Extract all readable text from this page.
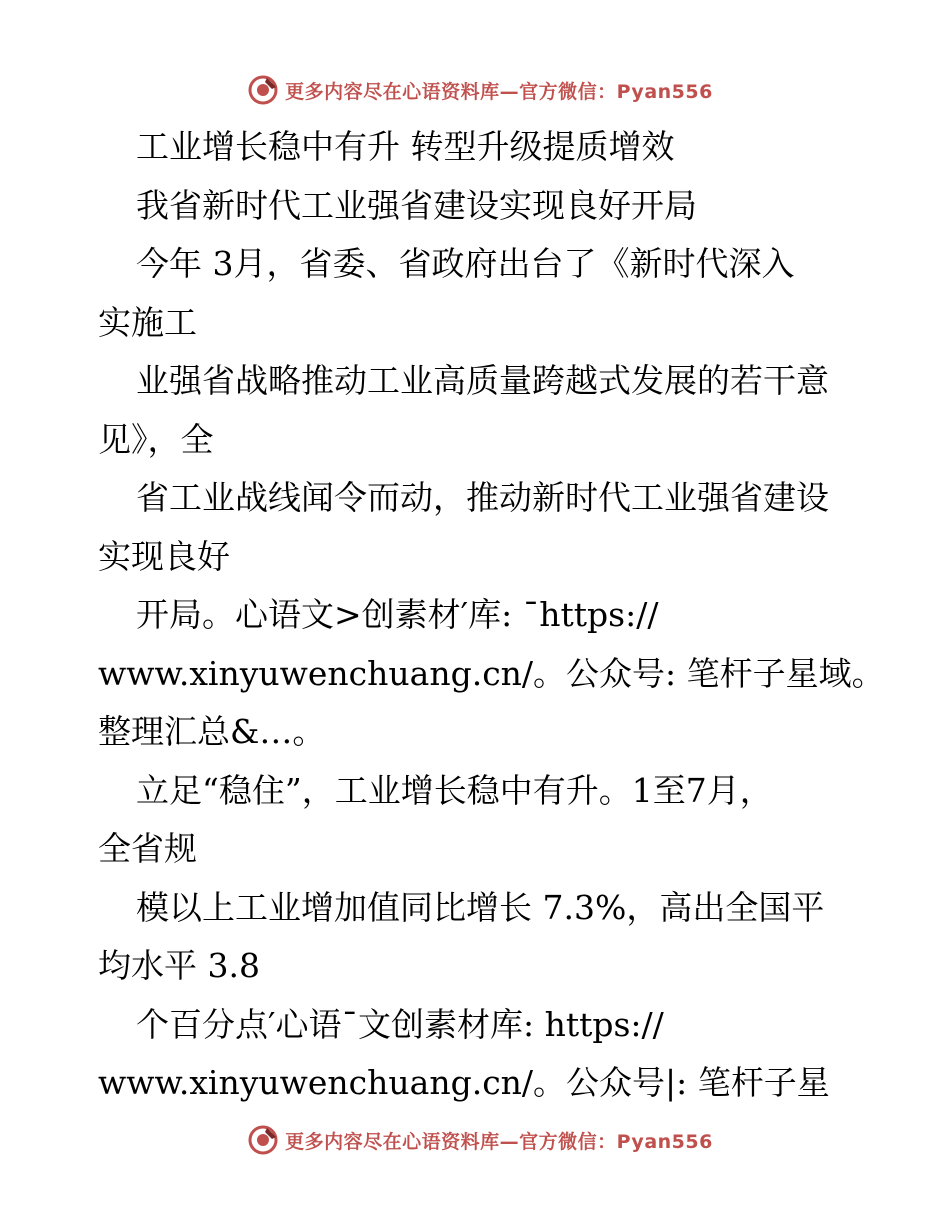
更多内容尽在心语资料库—官方微信：Pyan556
工业增长稳中有升 转型升级提质增效
我省新时代工业强省建设实现良好开局
今年 3月，省委、省政府出台了《新时代深入
实施工
业强省战略推动工业高质量跨越式发展的若干意
见》，全
省工业战线闻令而动，推动新时代工业强省建设
实现良好
开局。心语文>创素材′库: ¯https://
www.xinyuwenchuang.cn/。公众号: 笔杆子星域。
整理汇总&…。
立足“稳住”，工业增长稳中有升。1至7月，
全省规
模以上工业增加值同比增长 7.3%，高出全国平
均水平 3.8
个百分点′心语¯文创素材库: https://
www.xinyuwenchuang.cn/。公众号|: 笔杆子星
更多内容尽在心语资料库—官方微信：Pyan556
